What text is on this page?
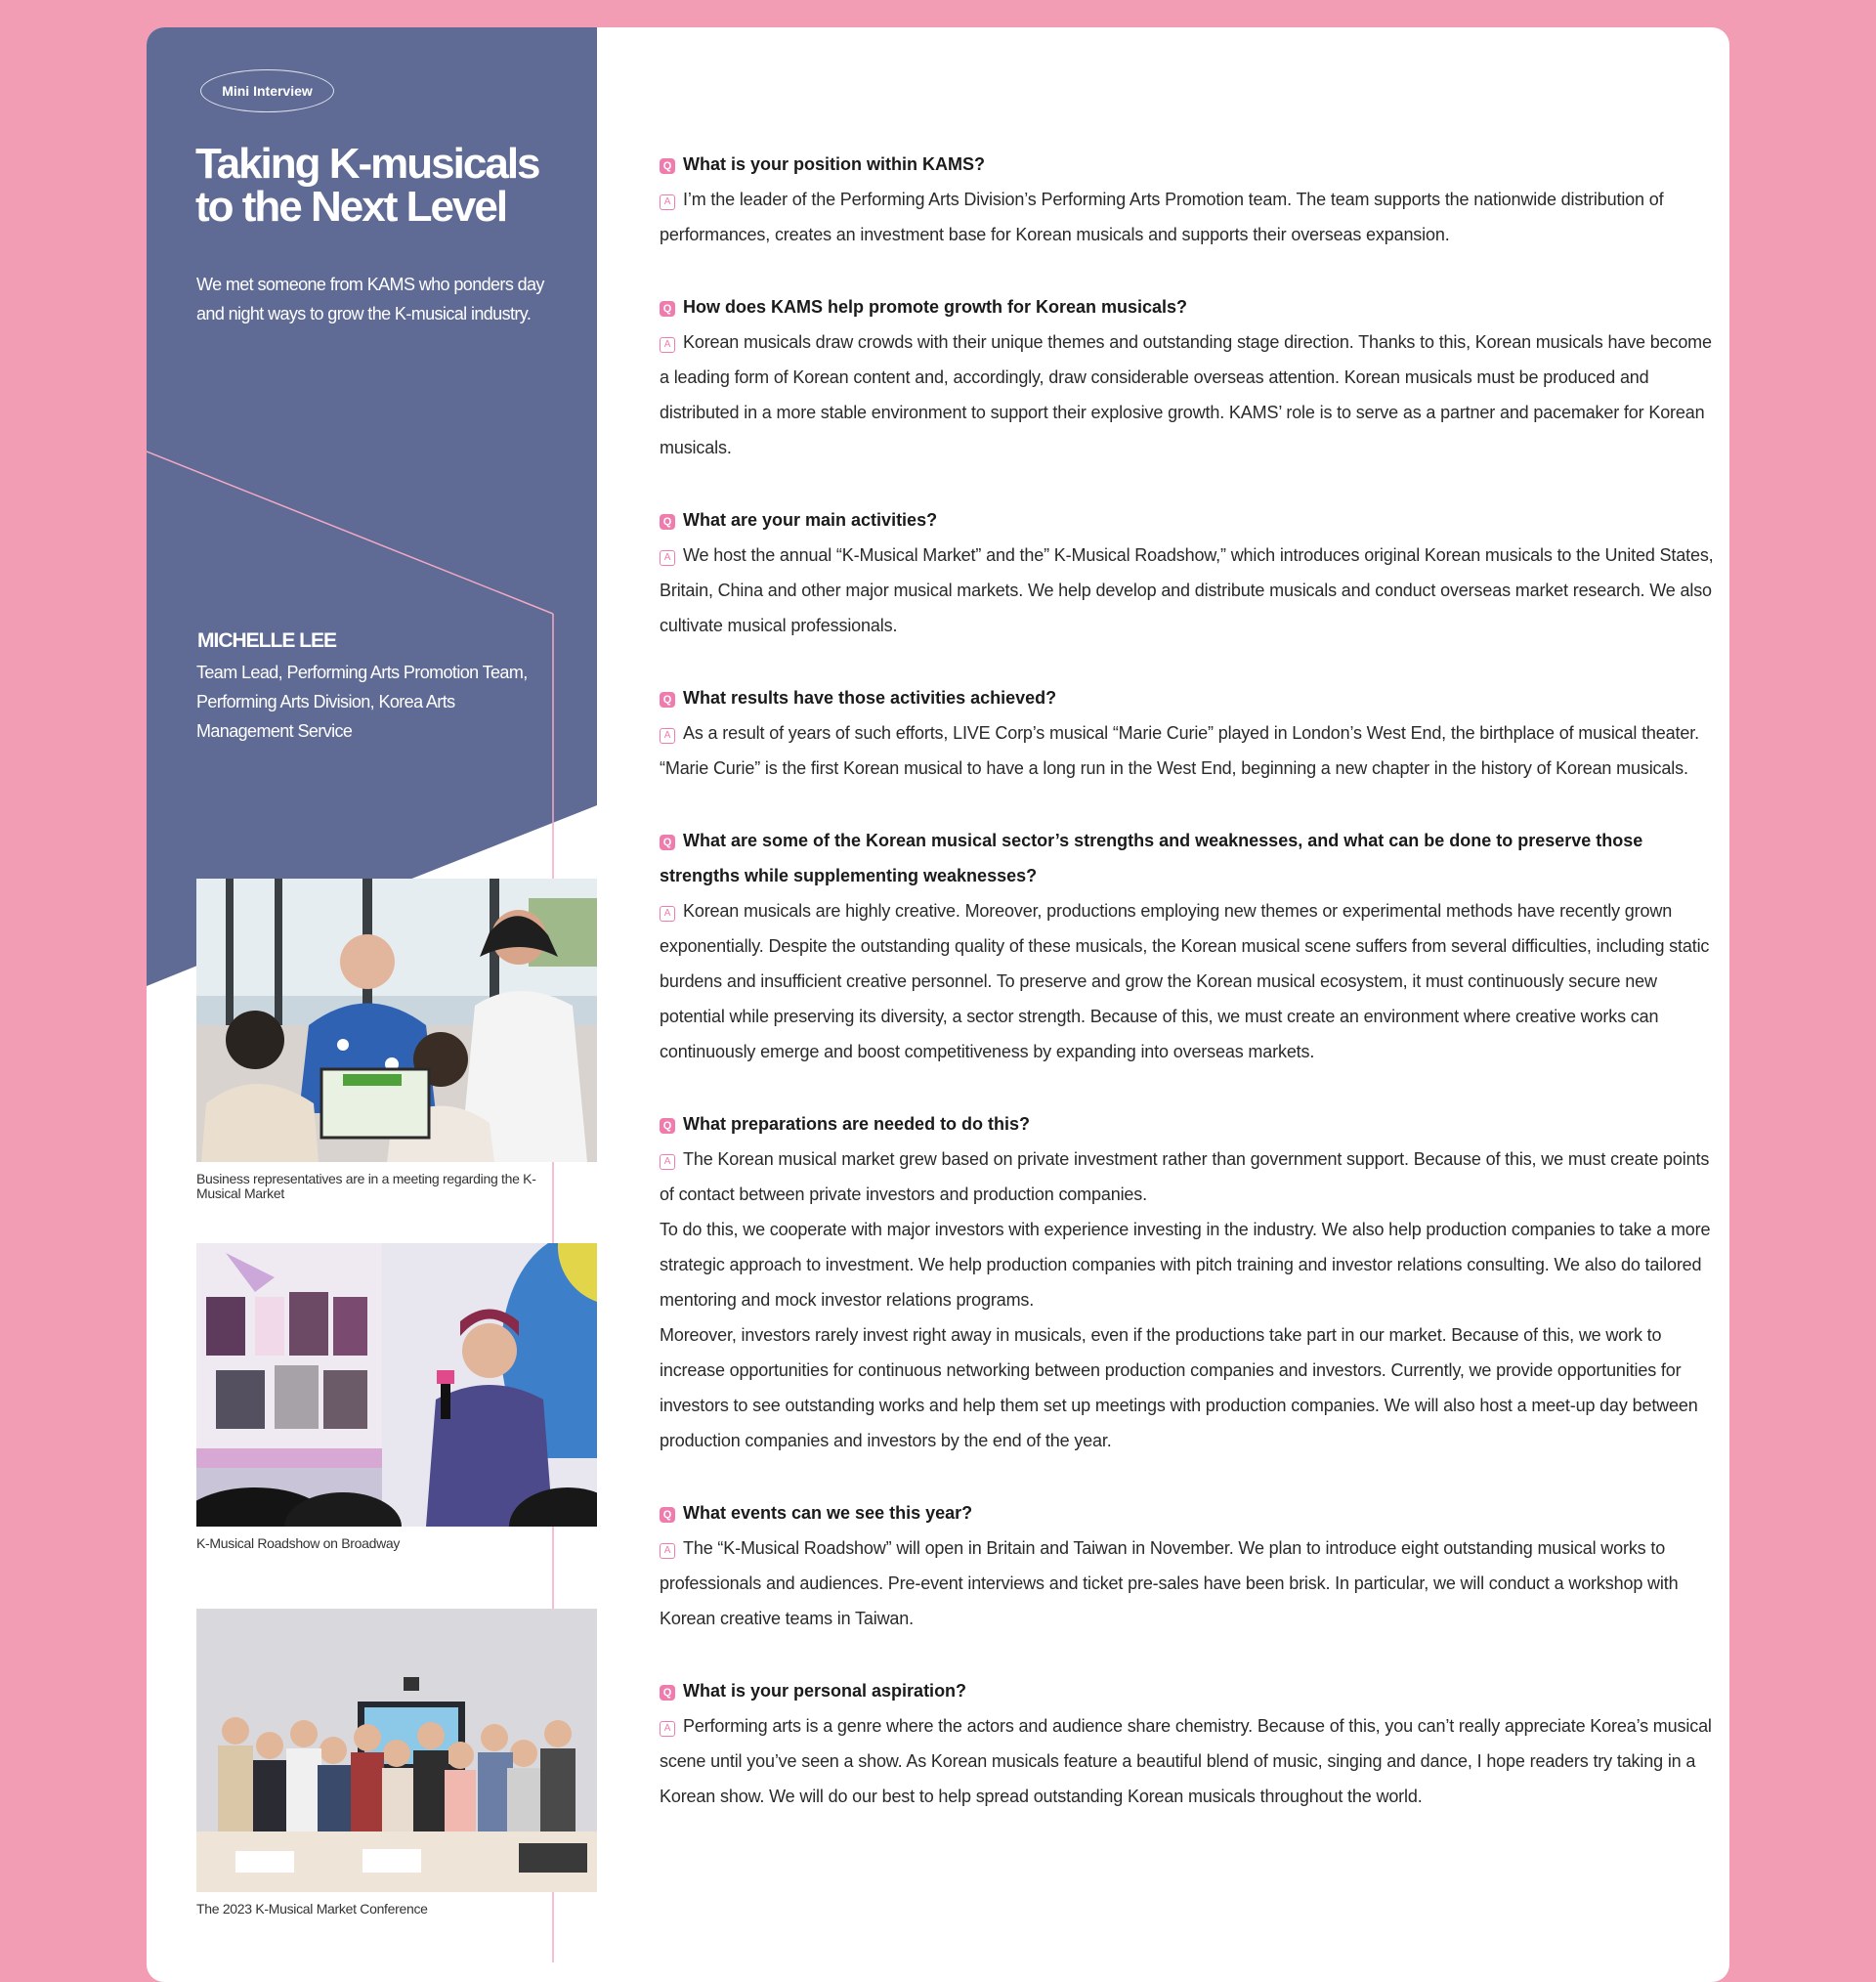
Mini Interview
Taking K-musicals
to the Next Level

We met someone from KAMS who ponders day and night ways to grow the K-musical industry.

MICHELLE LEE

Team Lead, Performing Arts Promotion Team, Performing Arts Division, Korea Arts Management Service

Business representatives are in a meeting regarding the K-Musical Market

K-Musical Roadshow on Broadway

The 2023 K-Musical Market Conference

Q What is your position within KAMS?

A I’m the leader of the Performing Arts Division’s Performing Arts Promotion team. The team supports the nationwide distribution of performances, creates an investment base for Korean musicals and supports their overseas expansion.

Q How does KAMS help promote growth for Korean musicals?

A Korean musicals draw crowds with their unique themes and outstanding stage direction. Thanks to this, Korean musicals have become a leading form of Korean content and, accordingly, draw considerable overseas attention. Korean musicals must be produced and distributed in a more stable environment to support their explosive growth. KAMS’ role is to serve as a partner and pacemaker for Korean musicals.

Q What are your main activities?

A We host the annual “K-Musical Market” and the” K-Musical Roadshow,” which introduces original Korean musicals to the United States, Britain, China and other major musical markets. We help develop and distribute musicals and conduct overseas market research. We also cultivate musical professionals.

Q What results have those activities achieved?

A As a result of years of such efforts, LIVE Corp’s musical “Marie Curie” played in London’s West End, the birthplace of musical theater. “Marie Curie” is the first Korean musical to have a long run in the West End, beginning a new chapter in the history of Korean musicals.

Q What are some of the Korean musical sector’s strengths and weaknesses, and what can be done to preserve those strengths while supplementing weaknesses?

A Korean musicals are highly creative. Moreover, productions employing new themes or experimental methods have recently grown exponentially. Despite the outstanding quality of these musicals, the Korean musical scene suffers from several difficulties, including static burdens and insufficient creative personnel. To preserve and grow the Korean musical ecosystem, it must continuously secure new potential while preserving its diversity, a sector strength. Because of this, we must create an environment where creative works can continuously emerge and boost competitiveness by expanding into overseas markets.

Q What preparations are needed to do this?

A The Korean musical market grew based on private investment rather than government support. Because of this, we must create points of contact between private investors and production companies.
To do this, we cooperate with major investors with experience investing in the industry. We also help production companies to take a more strategic approach to investment. We help production companies with pitch training and investor relations consulting. We also do tailored mentoring and mock investor relations programs.
Moreover, investors rarely invest right away in musicals, even if the productions take part in our market. Because of this, we work to increase opportunities for continuous networking between production companies and investors. Currently, we provide opportunities for investors to see outstanding works and help them set up meetings with production companies. We will also host a meet-up day between production companies and investors by the end of the year.

Q What events can we see this year?

A The “K-Musical Roadshow” will open in Britain and Taiwan in November. We plan to introduce eight outstanding musical works to professionals and audiences. Pre-event interviews and ticket pre-sales have been brisk. In particular, we will conduct a workshop with Korean creative teams in Taiwan.

Q What is your personal aspiration?

A Performing arts is a genre where the actors and audience share chemistry. Because of this, you can’t really appreciate Korea’s musical scene until you’ve seen a show. As Korean musicals feature a beautiful blend of music, singing and dance, I hope readers try taking in a Korean show. We will do our best to help spread outstanding Korean musicals throughout the world.
